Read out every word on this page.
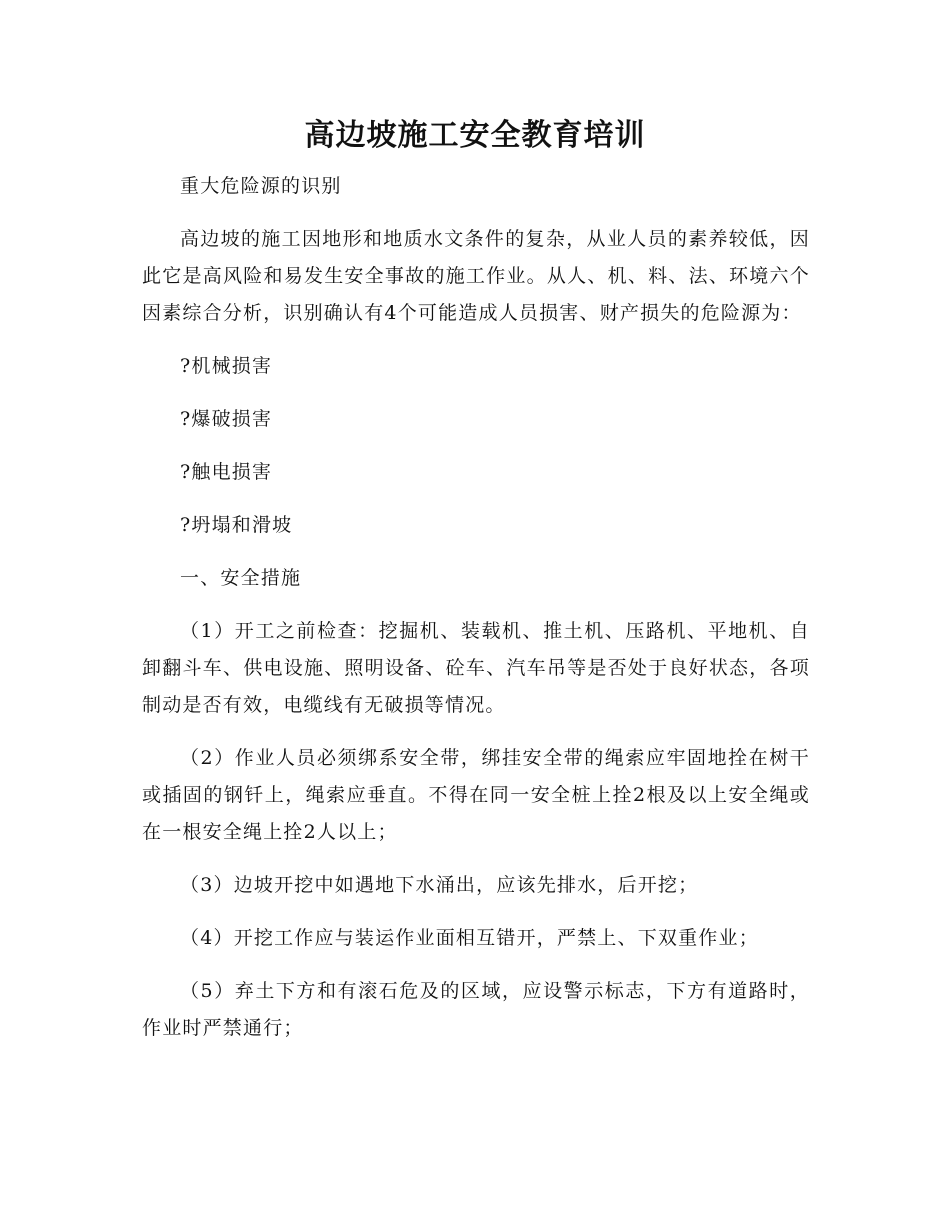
高边坡施工安全教育培训

重大危险源的识别

高边坡的施工因地形和地质水文条件的复杂，从业人员的素养较低，因此它是高风险和易发生安全事故的施工作业。从人、机、料、法、环境六个因素综合分析，识别确认有4个可能造成人员损害、财产损失的危险源为：

?机械损害

?爆破损害

?触电损害

?坍塌和滑坡

一、安全措施

（1）开工之前检查：挖掘机、装载机、推土机、压路机、平地机、自卸翻斗车、供电设施、照明设备、砼车、汽车吊等是否处于良好状态，各项制动是否有效，电缆线有无破损等情况。

（2）作业人员必须绑系安全带，绑挂安全带的绳索应牢固地拴在树干或插固的钢钎上，绳索应垂直。不得在同一安全桩上拴2根及以上安全绳或在一根安全绳上拴2人以上；

（3）边坡开挖中如遇地下水涌出，应该先排水，后开挖；

（4）开挖工作应与装运作业面相互错开，严禁上、下双重作业；

（5）弃土下方和有滚石危及的区域，应设警示标志，下方有道路时，作业时严禁通行；
